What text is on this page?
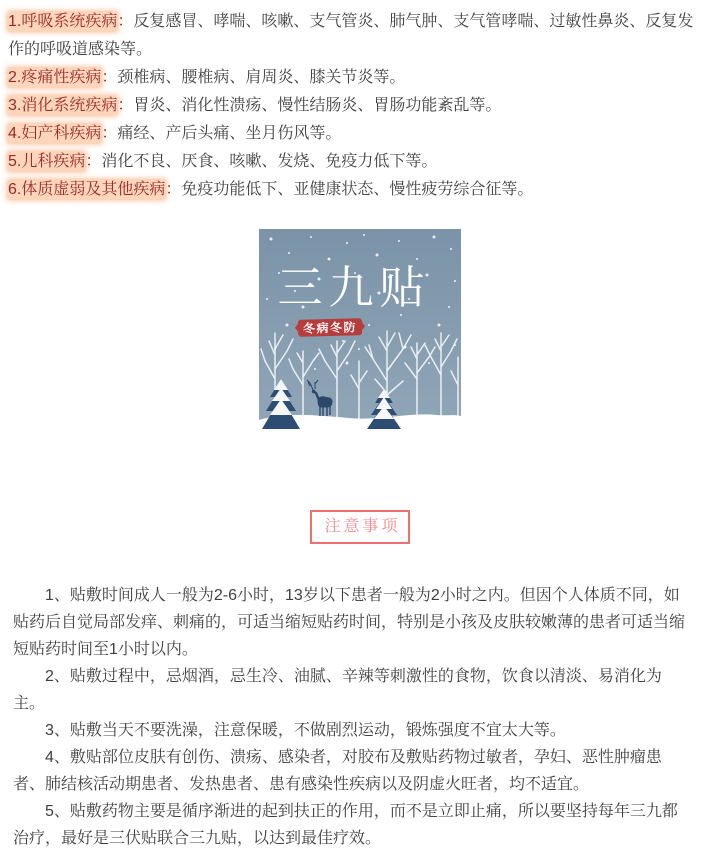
1.呼吸系统疾病：反复感冒、哮喘、咳嗽、支气管炎、肺气肿、支气管哮喘、过敏性鼻炎、反复发作的呼吸道感染等。

2.疼痛性疾病：颈椎病、腰椎病、肩周炎、膝关节炎等。

3.消化系统疾病：胃炎、消化性溃疡、慢性结肠炎、胃肠功能紊乱等。

4.妇产科疾病：痛经、产后头痛、坐月伤风等。

5.儿科疾病：消化不良、厌食、咳嗽、发烧、免疫力低下等。

6.体质虚弱及其他疾病：免疫功能低下、亚健康状态、慢性疲劳综合征等。

三九贴
冬病冬防
注意事项

1、贴敷时间成人一般为2-6小时，13岁以下患者一般为2小时之内。但因个人体质不同，如贴药后自觉局部发痒、刺痛的，可适当缩短贴药时间，特别是小孩及皮肤较嫩薄的患者可适当缩短贴药时间至1小时以内。

2、贴敷过程中，忌烟酒，忌生冷、油腻、辛辣等刺激性的食物，饮食以清淡、易消化为主。

3、贴敷当天不要洗澡，注意保暖，不做剧烈运动，锻炼强度不宜太大等。

4、敷贴部位皮肤有创伤、溃疡、感染者，对胶布及敷贴药物过敏者，孕妇、恶性肿瘤患者、肺结核活动期患者、发热患者、患有感染性疾病以及阴虚火旺者，均不适宜。

5、贴敷药物主要是循序渐进的起到扶正的作用，而不是立即止痛，所以要坚持每年三九都治疗，最好是三伏贴联合三九贴，以达到最佳疗效。
